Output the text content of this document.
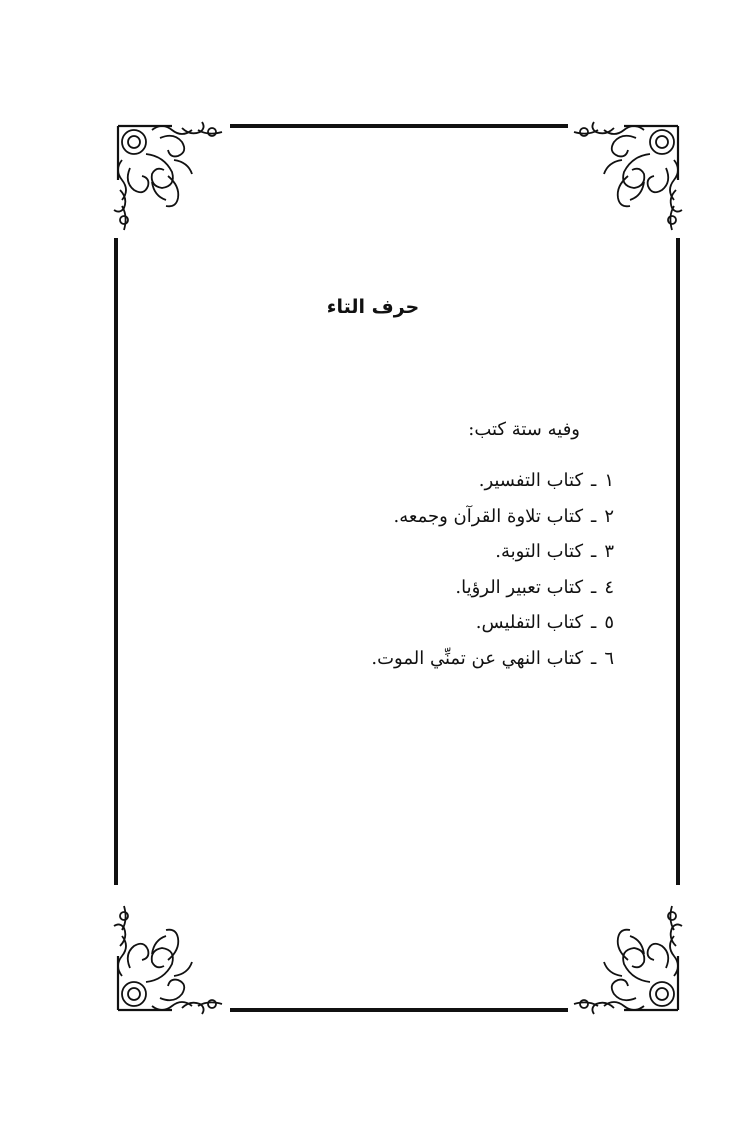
حرف التاء
وفيه ستة كتب:
١ـكتاب التفسير.
٢ـكتاب تلاوة القرآن وجمعه.
٣ـكتاب التوبة.
٤ـكتاب تعبير الرؤيا.
٥ـكتاب التفليس.
٦ـكتاب النهي عن تمنِّي الموت.
